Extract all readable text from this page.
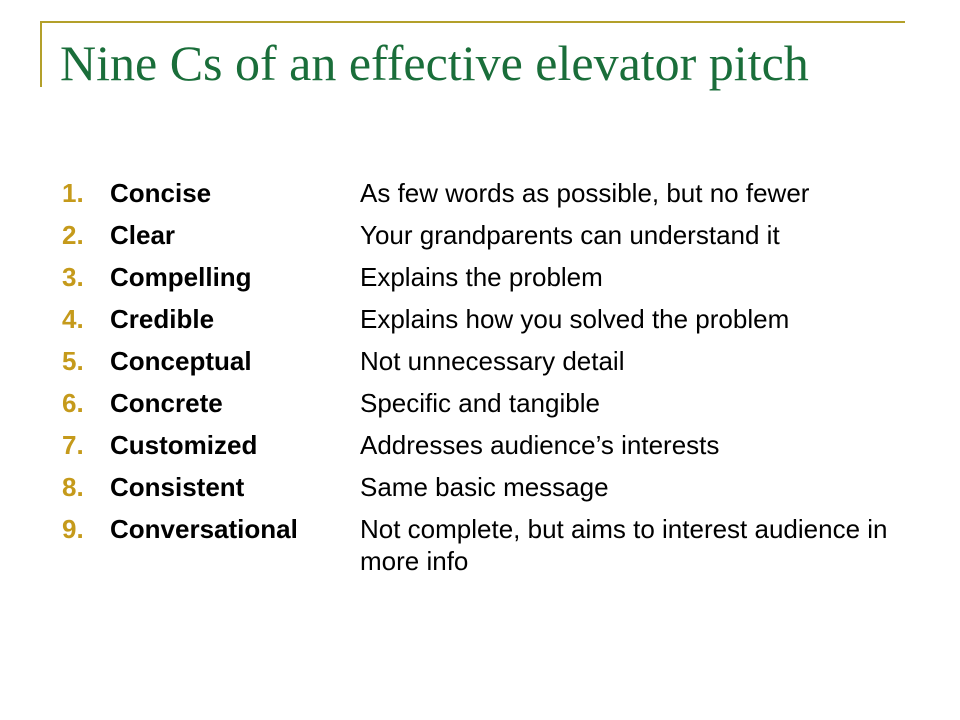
Nine Cs of an effective elevator pitch
1.	Concise	As few words as possible, but no fewer
2.	Clear	Your grandparents can understand it
3.	Compelling	Explains the problem
4.	Credible	Explains how you solved the problem
5.	Conceptual	Not unnecessary detail
6.	Concrete	Specific and tangible
7.	Customized	Addresses audience’s interests
8.	Consistent	Same basic message
9.	Conversational	Not complete, but aims to interest audience in more info
